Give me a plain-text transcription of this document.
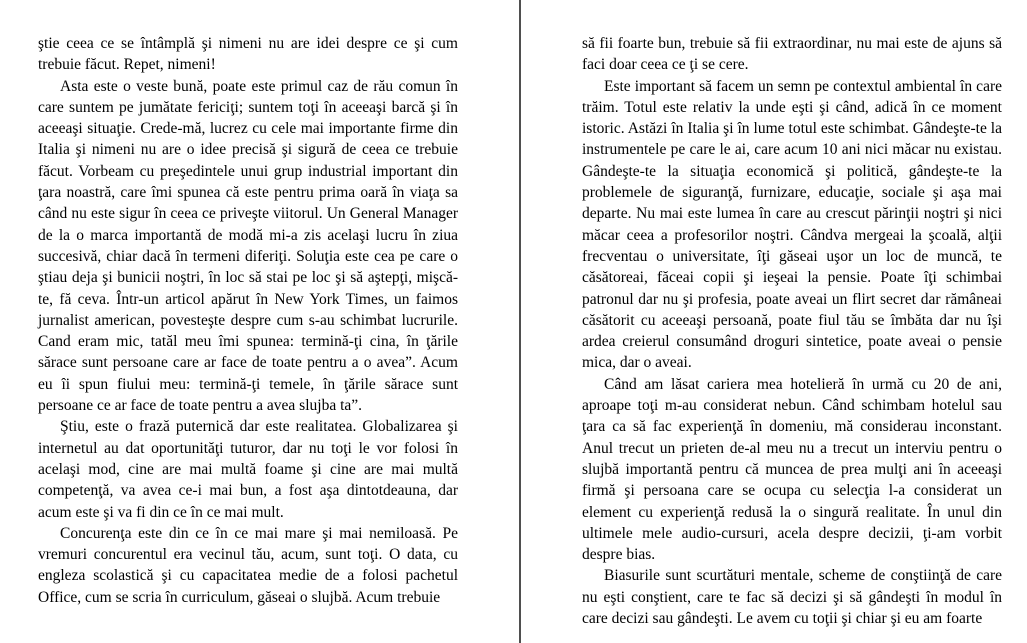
ştie ceea ce se întâmplă şi nimeni nu are idei despre ce şi cum trebuie făcut. Repet, nimeni!

Asta este o veste bună, poate este primul caz de rău comun în care suntem pe jumătate fericiţi; suntem toţi în aceeaşi barcă şi în aceeaşi situaţie. Crede-mă, lucrez cu cele mai importante firme din Italia şi nimeni nu are o idee precisă şi sigură de ceea ce trebuie făcut. Vorbeam cu preşedintele unui grup industrial important din ţara noastră, care îmi spunea că este pentru prima oară în viaţa sa când nu este sigur în ceea ce priveşte viitorul. Un General Manager de la o marca importantă de modă mi-a zis acelaşi lucru în ziua succesivă, chiar dacă în termeni diferiţi. Soluţia este cea pe care o ştiau deja şi bunicii noştri, în loc să stai pe loc şi să aştepţi, mişcă-te, fă ceva. Într-un articol apărut în New York Times, un faimos jurnalist american, povesteşte despre cum s-au schimbat lucrurile. Cand eram mic, tatăl meu îmi spunea: termină-ţi cina, în ţările sărace sunt persoane care ar face de toate pentru a o avea”. Acum eu îi spun fiului meu: termină-ţi temele, în ţările sărace sunt persoane ce ar face de toate pentru a avea slujba ta”.

Ştiu, este o frază puternică dar este realitatea. Globalizarea şi internetul au dat oportunităţi tuturor, dar nu toţi le vor folosi în acelaşi mod, cine are mai multă foame şi cine are mai multă competenţă, va avea ce-i mai bun, a fost aşa dintotdeauna, dar acum este şi va fi din ce în ce mai mult.

Concurenţa este din ce în ce mai mare şi mai nemiloasă. Pe vremuri concurentul era vecinul tău, acum, sunt toţi. O data, cu engleza scolastică şi cu capacitatea medie de a folosi pachetul Office, cum se scria în curriculum, găseai o slujbă. Acum trebuie

să fii foarte bun, trebuie să fii extraordinar, nu mai este de ajuns să faci doar ceea ce ţi se cere.

Este important să facem un semn pe contextul ambiental în care trăim. Totul este relativ la unde eşti şi când, adică în ce moment istoric. Astăzi în Italia şi în lume totul este schimbat. Gândeşte-te la instrumentele pe care le ai, care acum 10 ani nici măcar nu existau. Gândeşte-te la situaţia economică şi politică, gândeşte-te la problemele de siguranţă, furnizare, educaţie, sociale şi aşa mai departe. Nu mai este lumea în care au crescut părinţii noştri şi nici măcar ceea a profesorilor noştri. Cândva mergeai la şcoală, alţii frecventau o universitate, îţi găseai uşor un loc de muncă, te căsătoreai, făceai copii şi ieşeai la pensie. Poate îţi schimbai patronul dar nu şi profesia, poate aveai un flirt secret dar rămâneai căsătorit cu aceeaşi persoană, poate fiul tău se îmbăta dar nu îşi ardea creierul consumând droguri sintetice, poate aveai o pensie mica, dar o aveai.

Când am lăsat cariera mea hotelieră în urmă cu 20 de ani, aproape toţi m-au considerat nebun. Când schimbam hotelul sau ţara ca să fac experienţă în domeniu, mă considerau inconstant. Anul trecut un prieten de-al meu nu a trecut un interviu pentru o slujbă importantă pentru că muncea de prea mulţi ani în aceeaşi firmă şi persoana care se ocupa cu selecţia l-a considerat un element cu experienţă redusă la o singură realitate. În unul din ultimele mele audio-cursuri, acela despre decizii, ţi-am vorbit despre bias.

Biasurile sunt scurtături mentale, scheme de conştiinţă de care nu eşti conştient, care te fac să decizi şi să gândeşti în modul în care decizi sau gândeşti. Le avem cu toţii şi chiar şi eu am foarte
